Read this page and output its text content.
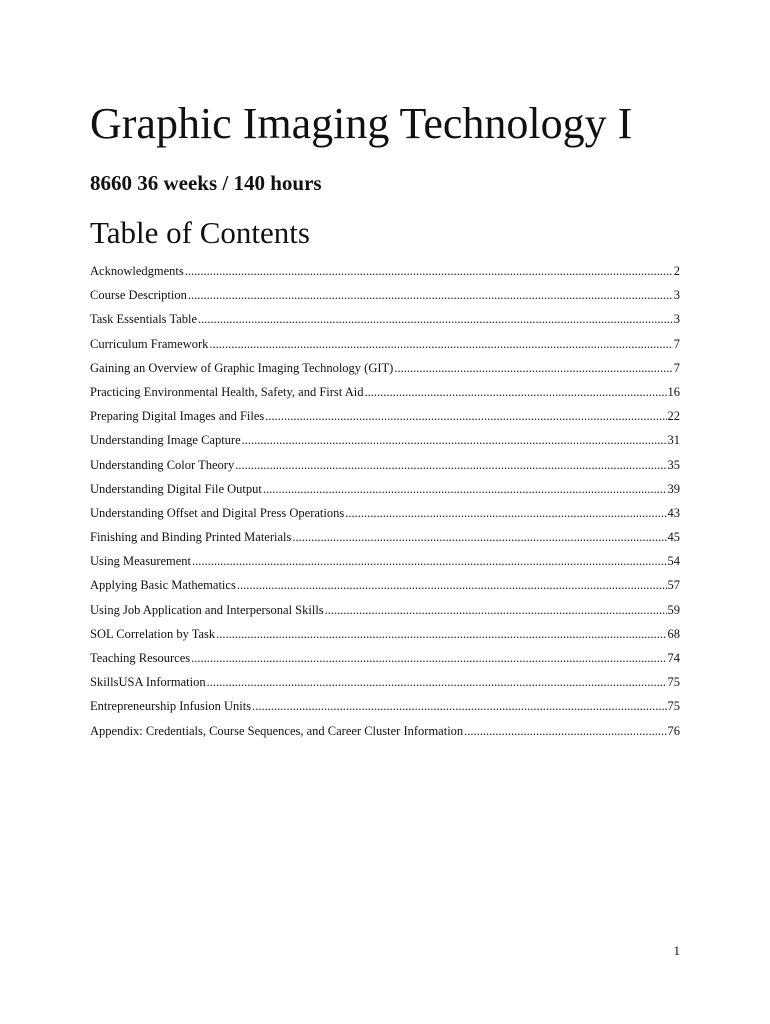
Graphic Imaging Technology I

8660 36 weeks / 140 hours

Table of Contents
Acknowledgments .....	2
Course Description .....	3
Task Essentials Table .....	3
Curriculum Framework .....	7
Gaining an Overview of Graphic Imaging Technology (GIT) .....	7
Practicing Environmental Health, Safety, and First Aid .....	16
Preparing Digital Images and Files .....	22
Understanding Image Capture .....	31
Understanding Color Theory .....	35
Understanding Digital File Output .....	39
Understanding Offset and Digital Press Operations .....	43
Finishing and Binding Printed Materials .....	45
Using Measurement .....	54
Applying Basic Mathematics .....	57
Using Job Application and Interpersonal Skills .....	59
SOL Correlation by Task .....	68
Teaching Resources .....	74
SkillsUSA Information .....	75
Entrepreneurship Infusion Units .....	75
Appendix: Credentials, Course Sequences, and Career Cluster Information .....	76

1
